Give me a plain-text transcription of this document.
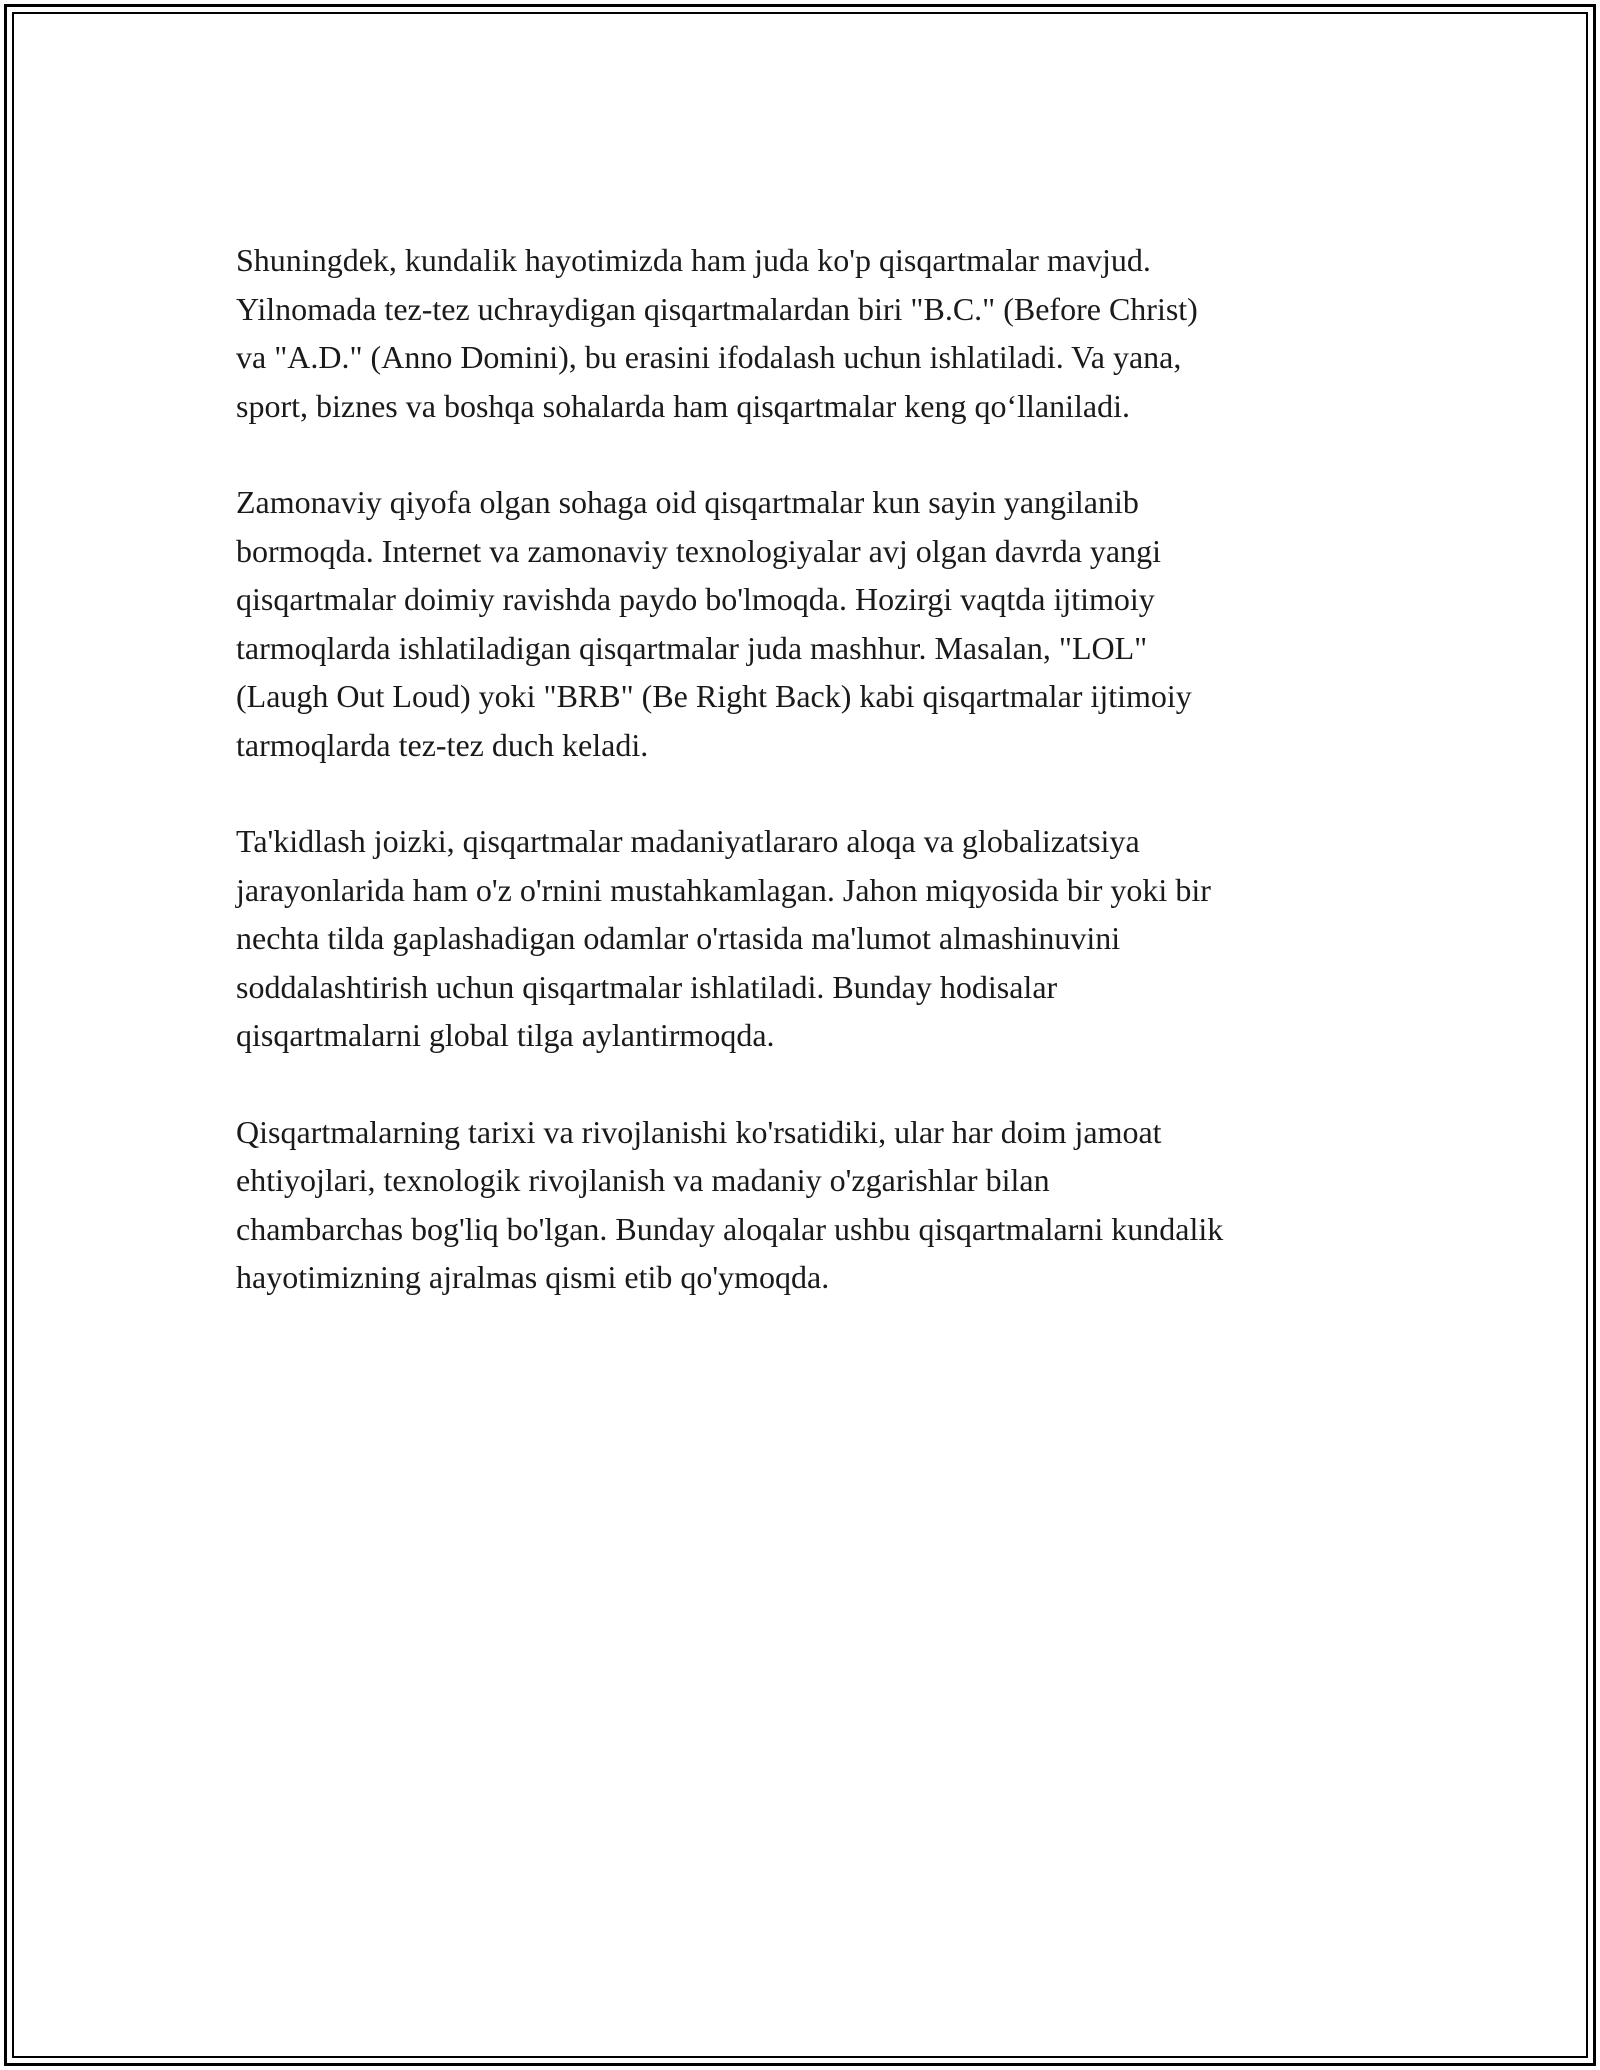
Shuningdek, kundalik hayotimizda ham juda ko'p qisqartmalar mavjud.
Yilnomada tez-tez uchraydigan qisqartmalardan biri "B.C." (Before Christ)
va "A.D." (Anno Domini), bu erasini ifodalash uchun ishlatiladi. Va yana,
sport, biznes va boshqa sohalarda ham qisqartmalar keng qo‘llaniladi.

Zamonaviy qiyofa olgan sohaga oid qisqartmalar kun sayin yangilanib
bormoqda. Internet va zamonaviy texnologiyalar avj olgan davrda yangi
qisqartmalar doimiy ravishda paydo bo'lmoqda. Hozirgi vaqtda ijtimoiy
tarmoqlarda ishlatiladigan qisqartmalar juda mashhur. Masalan, "LOL"
(Laugh Out Loud) yoki "BRB" (Be Right Back) kabi qisqartmalar ijtimoiy
tarmoqlarda tez-tez duch keladi.

Ta'kidlash joizki, qisqartmalar madaniyatlararo aloqa va globalizatsiya
jarayonlarida ham o'z o'rnini mustahkamlagan. Jahon miqyosida bir yoki bir
nechta tilda gaplashadigan odamlar o'rtasida ma'lumot almashinuvini
soddalashtirish uchun qisqartmalar ishlatiladi. Bunday hodisalar
qisqartmalarni global tilga aylantirmoqda.

Qisqartmalarning tarixi va rivojlanishi ko'rsatidiki, ular har doim jamoat
ehtiyojlari, texnologik rivojlanish va madaniy o'zgarishlar bilan
chambarchas bog'liq bo'lgan. Bunday aloqalar ushbu qisqartmalarni kundalik
hayotimizning ajralmas qismi etib qo'ymoqda.
